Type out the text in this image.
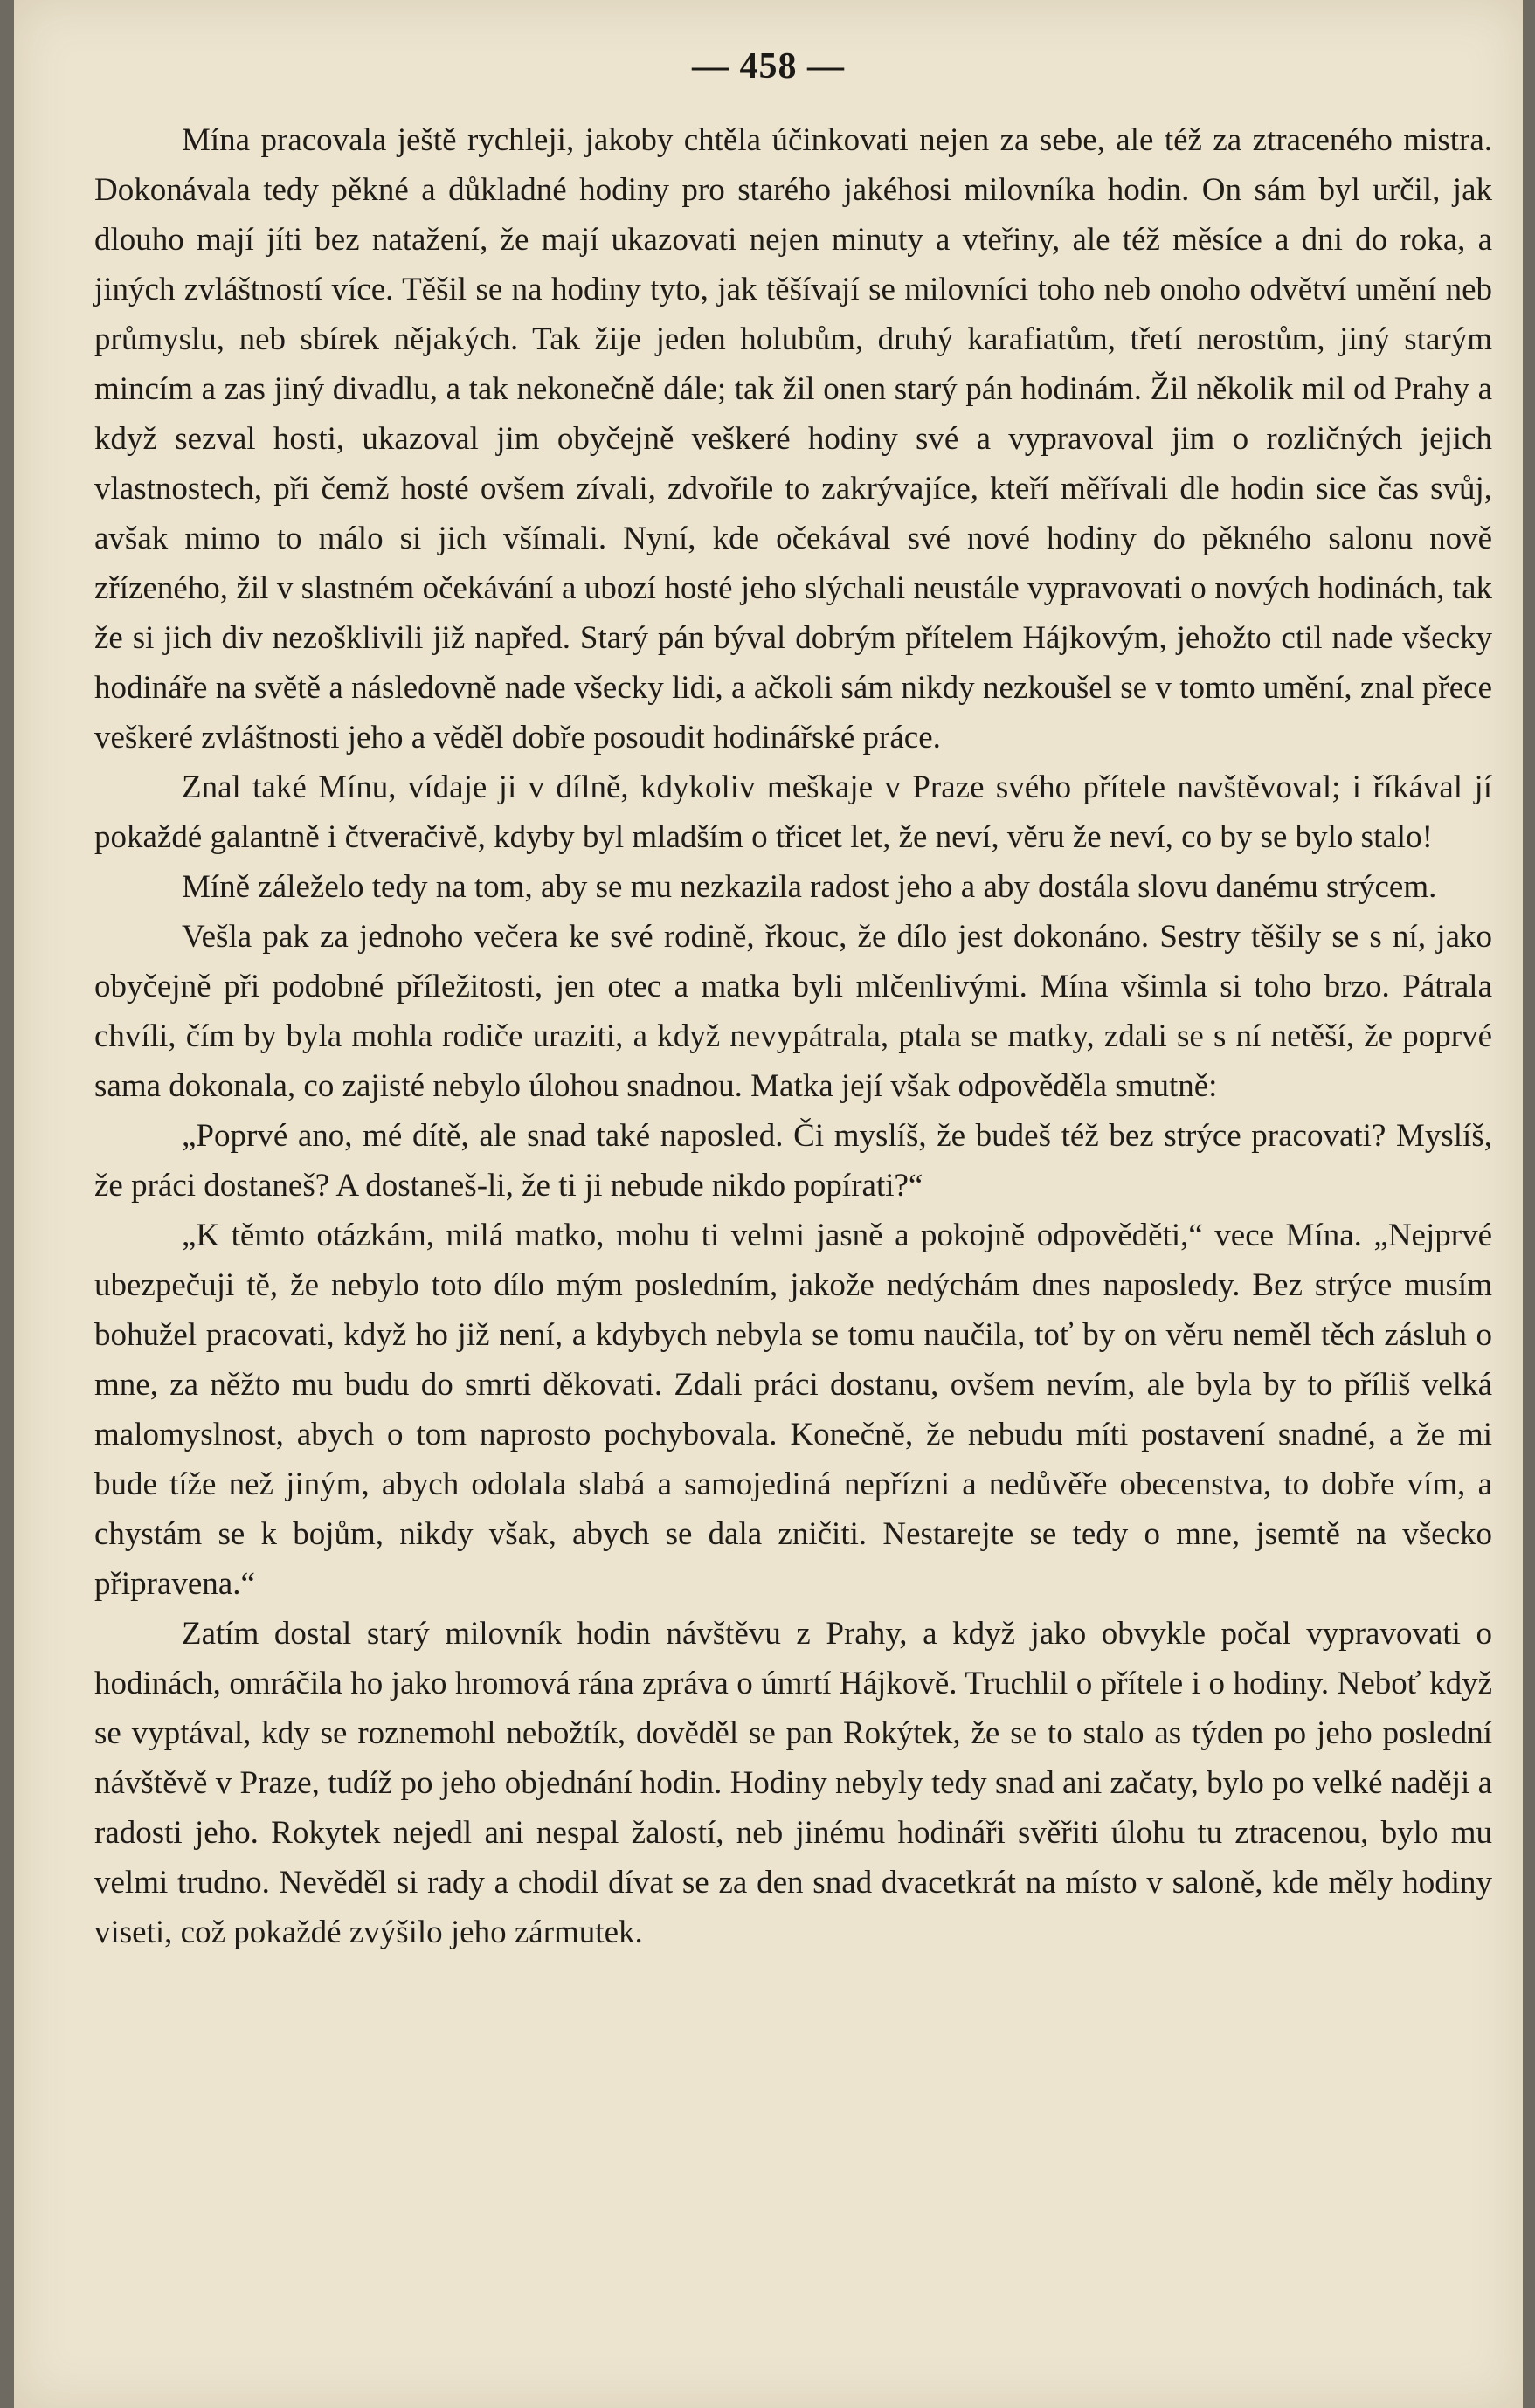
— 458 —

Mína pracovala ještě rychleji, jakoby chtěla účinkovati nejen za sebe, ale též za ztraceného mistra. Dokonávala tedy pěkné a důkladné hodiny pro starého jakéhosi milovníka hodin. On sám byl určil, jak dlouho mají jíti bez natažení, že mají ukazovati nejen minuty a vteřiny, ale též měsíce a dni do roka, a jiných zvláštností více. Těšil se na hodiny tyto, jak těšívají se milovníci toho neb onoho odvětví umění neb průmyslu, neb sbírek nějakých. Tak žije jeden holubům, druhý karafiatům, třetí nerostům, jiný starým mincím a zas jiný divadlu, a tak nekonečně dále; tak žil onen starý pán hodinám. Žil několik mil od Prahy a když sezval hosti, ukazoval jim obyčejně veškeré hodiny své a vypravoval jim o rozličných jejich vlastnostech, při čemž hosté ovšem zívali, zdvořile to zakrývajíce, kteří měřívali dle hodin sice čas svůj, avšak mimo to málo si jich všímali. Nyní, kde očekával své nové hodiny do pěkného salonu nově zřízeného, žil v slastném očekávání a ubozí hosté jeho slýchali neustále vypravovati o nových hodinách, tak že si jich div nezošklivili již napřed. Starý pán býval dobrým přítelem Hájkovým, jehožto ctil nade všecky hodináře na světě a následovně nade všecky lidi, a ačkoli sám nikdy nezkoušel se v tomto umění, znal přece veškeré zvláštnosti jeho a věděl dobře posoudit hodinářské práce.

Znal také Mínu, vídaje ji v dílně, kdykoliv meškaje v Praze svého přítele navštěvoval; i říkával jí pokaždé galantně i čtveračivě, kdyby byl mladším o třicet let, že neví, věru že neví, co by se bylo stalo!

Míně záleželo tedy na tom, aby se mu nezkazila radost jeho a aby dostála slovu danému strýcem.

Vešla pak za jednoho večera ke své rodině, řkouc, že dílo jest dokonáno. Sestry těšily se s ní, jako obyčejně při podobné příležitosti, jen otec a matka byli mlčenlivými. Mína všimla si toho brzo. Pátrala chvíli, čím by byla mohla rodiče uraziti, a když nevypátrala, ptala se matky, zdali se s ní netěší, že poprvé sama dokonala, co zajisté nebylo úlohou snadnou. Matka její však odpověděla smutně:

„Poprvé ano, mé dítě, ale snad také naposled. Či myslíš, že budeš též bez strýce pracovati? Myslíš, že práci dostaneš? A dostaneš-li, že ti ji nebude nikdo popírati?“

„K těmto otázkám, milá matko, mohu ti velmi jasně a pokojně odpověděti,“ vece Mína. „Nejprvé ubezpečuji tě, že nebylo toto dílo mým posledním, jakože nedýchám dnes naposledy. Bez strýce musím bohužel pracovati, když ho již není, a kdybych nebyla se tomu naučila, toť by on věru neměl těch zásluh o mne, za něžto mu budu do smrti děkovati. Zdali práci dostanu, ovšem nevím, ale byla by to příliš velká malomyslnost, abych o tom naprosto pochybovala. Konečně, že nebudu míti postavení snadné, a že mi bude tíže než jiným, abych odolala slabá a samojediná nepřízni a nedůvěře obecenstva, to dobře vím, a chystám se k bojům, nikdy však, abych se dala zničiti. Nestarejte se tedy o mne, jsemtě na všecko připravena.“

Zatím dostal starý milovník hodin návštěvu z Prahy, a když jako obvykle počal vypravovati o hodinách, omráčila ho jako hromová rána zpráva o úmrtí Hájkově. Truchlil o přítele i o hodiny. Neboť když se vyptával, kdy se roznemohl nebožtík, dověděl se pan Rokýtek, že se to stalo as týden po jeho poslední návštěvě v Praze, tudíž po jeho objednání hodin. Hodiny nebyly tedy snad ani začaty, bylo po velké naději a radosti jeho. Rokytek nejedl ani nespal žalostí, neb jinému hodináři svěřiti úlohu tu ztracenou, bylo mu velmi trudno. Nevěděl si rady a chodil dívat se za den snad dvacetkrát na místo v saloně, kde měly hodiny viseti, což pokaždé zvýšilo jeho zármutek.
